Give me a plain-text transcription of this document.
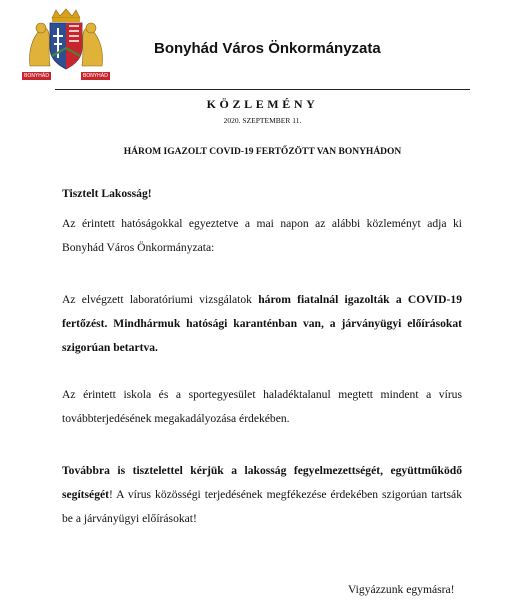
BONYHÁD	BONYHÁD
Bonyhád Város Önkormányzata
KÖZLEMÉNY
2020. SZEPTEMBER 11.
HÁROM IGAZOLT COVID-19 FERTŐZÖTT VAN BONYHÁDON
Tisztelt Lakosság!
Az érintett hatóságokkal egyeztetve a mai napon az alábbi közleményt adja ki Bonyhád Város Önkormányzata:
Az elvégzett laboratóriumi vizsgálatok három fiatalnál igazolták a COVID-19 fertőzést. Mindhármuk hatósági karanténban van, a járványügyi előírásokat szigorúan betartva.
Az érintett iskola és a sportegyesület haladéktalanul megtett mindent a vírus továbbterjedésének megakadályozása érdekében.
Továbbra is tisztelettel kérjük a lakosság fegyelmezettségét, együttműködő segítségét! A vírus közösségi terjedésének megfékezése érdekében szigorúan tartsák be a járványügyi előírásokat!
Vigyázzunk egymásra!
